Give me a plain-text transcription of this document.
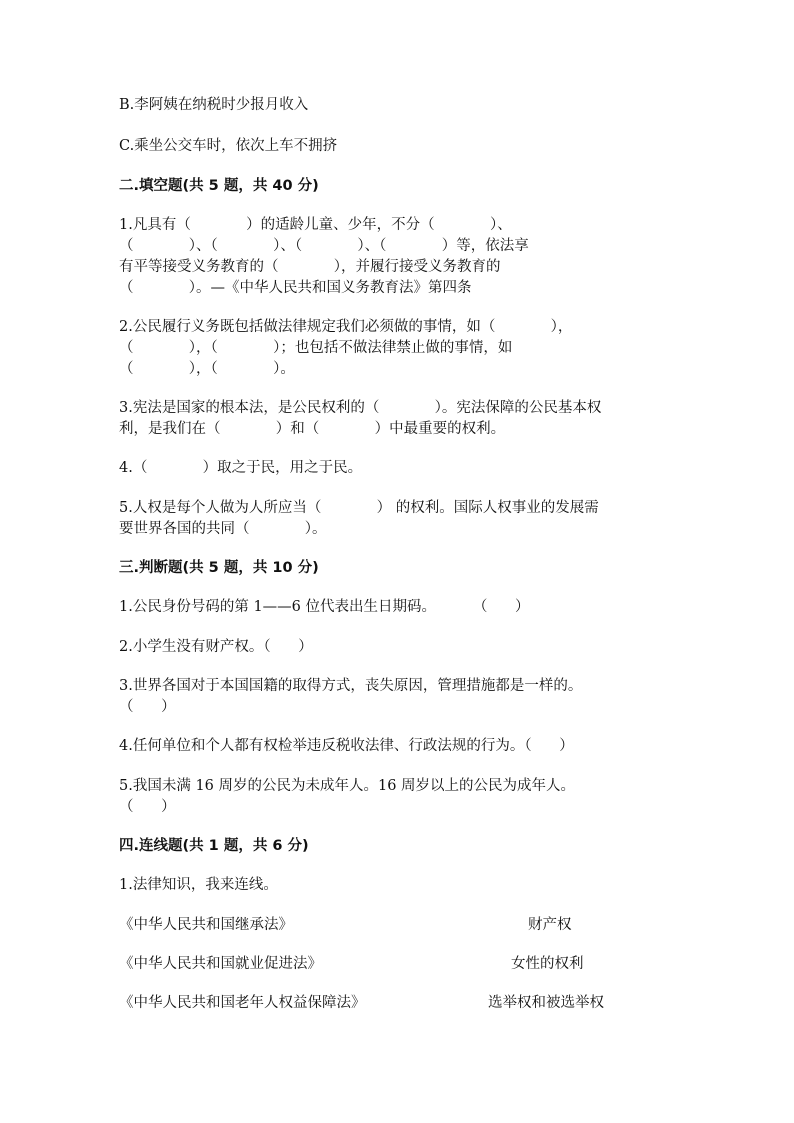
B.李阿姨在纳税时少报月收入
C.乘坐公交车时，依次上车不拥挤
二.填空题(共 5 题，共 40 分)
1.凡具有（            ）的适龄儿童、少年，不分（            ）、
（            ）、（            ）、（            ）、（            ）等，依法享
有平等接受义务教育的（            ），并履行接受义务教育的
（            ）。—《中华人民共和国义务教育法》第四条
2.公民履行义务既包括做法律规定我们必须做的事情，如（            ），
（            ），（            ）；也包括不做法律禁止做的事情，如
（            ），（            ）。
3.宪法是国家的根本法，是公民权利的（            ）。宪法保障的公民基本权
利，是我们在（            ）和（            ）中最重要的权利。
4.（            ）取之于民，用之于民。
5.人权是每个人做为人所应当（            ） 的权利。国际人权事业的发展需
要世界各国的共同（            ）。
三.判断题(共 5 题，共 10 分)
1.公民身份号码的第 1——6 位代表出生日期码。        （      ）
2.小学生没有财产权。（      ）
3.世界各国对于本国国籍的取得方式，丧失原因，管理措施都是一样的。
（      ）
4.任何单位和个人都有权检举违反税收法律、行政法规的行为。（      ）
5.我国未满 16 周岁的公民为未成年人。16 周岁以上的公民为成年人。
（      ）
四.连线题(共 1 题，共 6 分)
1.法律知识，我来连线。
《中华人民共和国继承法》	财产权
《中华人民共和国就业促进法》	女性的权利
《中华人民共和国老年人权益保障法》	选举权和被选举权
